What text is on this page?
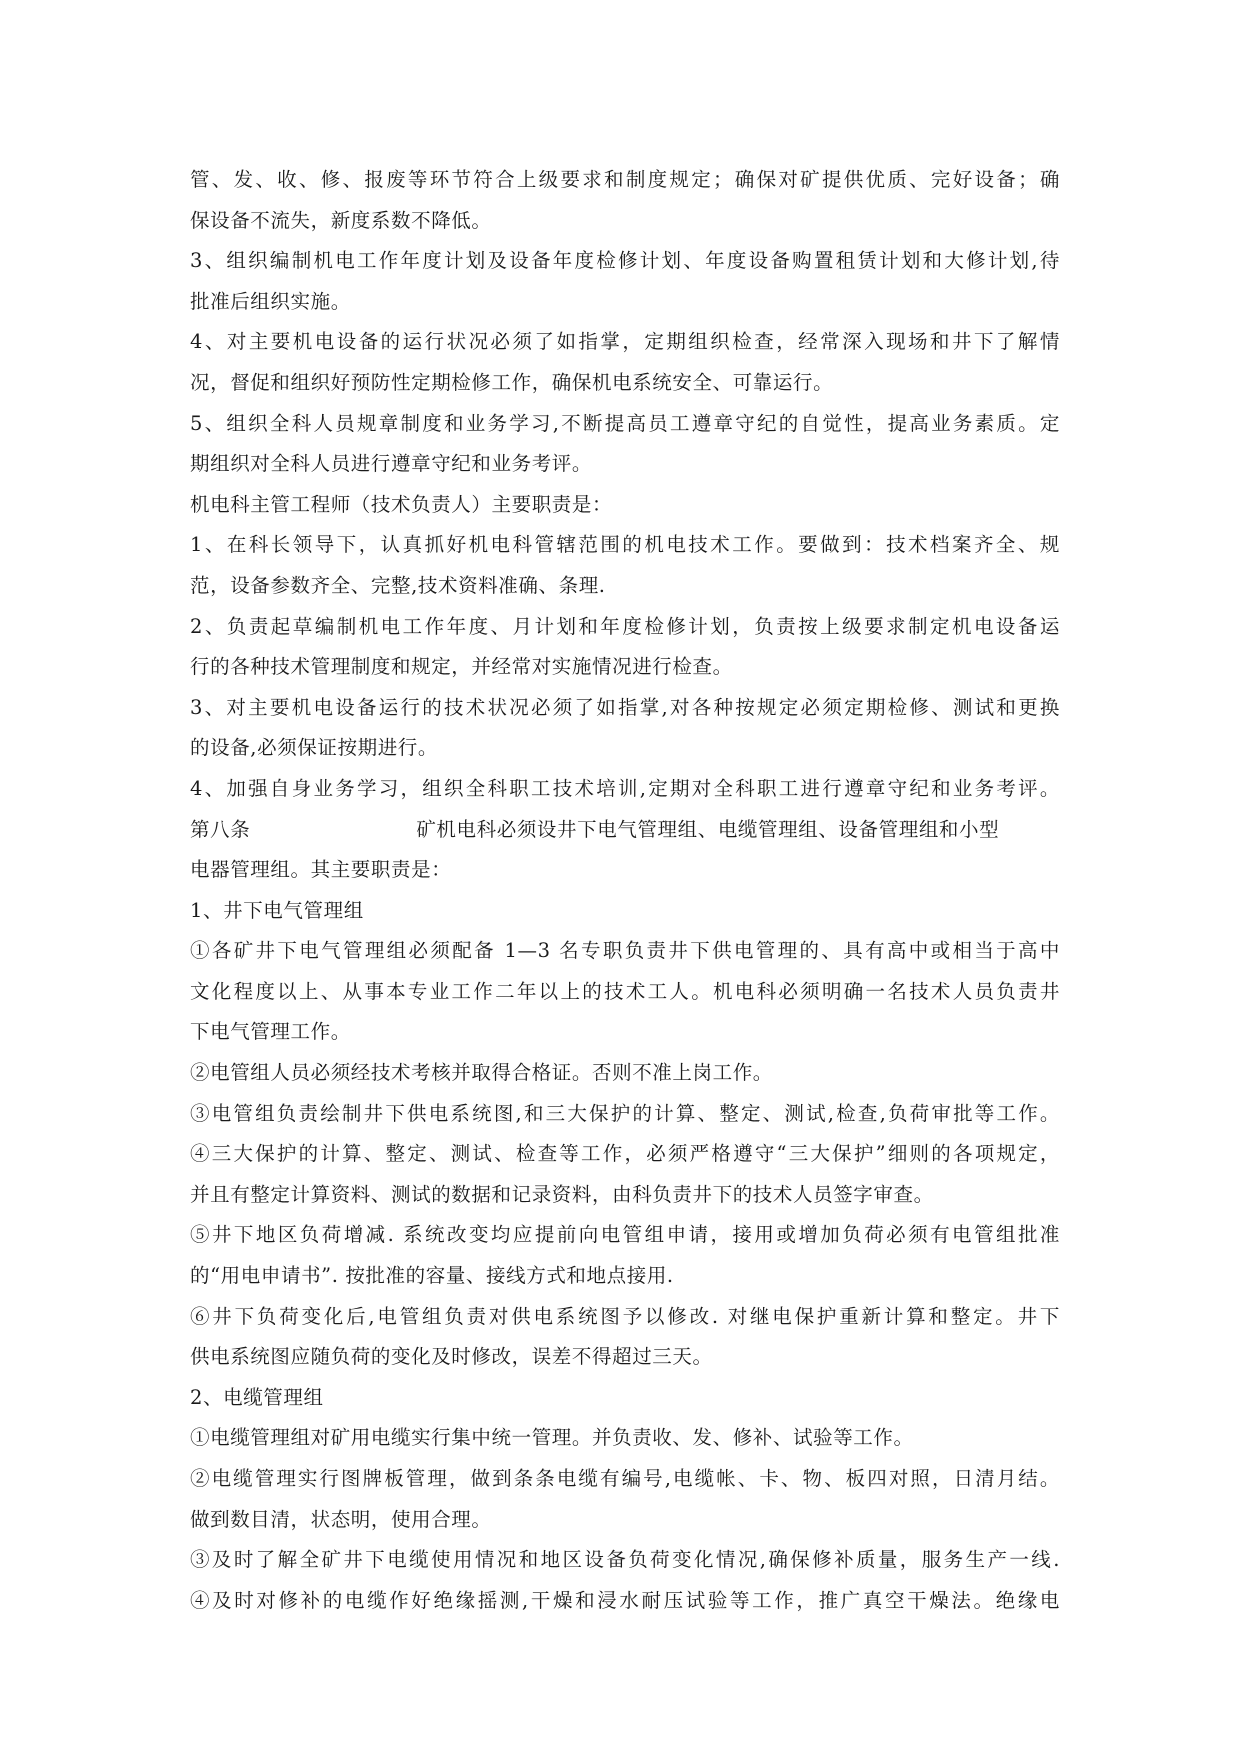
管、发、收、修、报废等环节符合上级要求和制度规定；确保对矿提供优质、完好设备；确
保设备不流失，新度系数不降低。
3、组织编制机电工作年度计划及设备年度检修计划、年度设备购置租赁计划和大修计划,待
批准后组织实施。
4、对主要机电设备的运行状况必须了如指掌，定期组织检查，经常深入现场和井下了解情
况，督促和组织好预防性定期检修工作，确保机电系统安全、可靠运行。
5、组织全科人员规章制度和业务学习,不断提高员工遵章守纪的自觉性，提高业务素质。定
期组织对全科人员进行遵章守纪和业务考评。
机电科主管工程师（技术负责人）主要职责是：
1、在科长领导下，认真抓好机电科管辖范围的机电技术工作。要做到：技术档案齐全、规
范，设备参数齐全、完整,技术资料准确、条理.
2、负责起草编制机电工作年度、月计划和年度检修计划，负责按上级要求制定机电设备运
行的各种技术管理制度和规定，并经常对实施情况进行检查。
3、对主要机电设备运行的技术状况必须了如指掌,对各种按规定必须定期检修、测试和更换
的设备,必须保证按期进行。
4、加强自身业务学习，组织全科职工技术培训,定期对全科职工进行遵章守纪和业务考评。
第八条	矿机电科必须设井下电气管理组、电缆管理组、设备管理组和小型
电器管理组。其主要职责是：
1、井下电气管理组
①各矿井下电气管理组必须配备 1—3 名专职负责井下供电管理的、具有高中或相当于高中
文化程度以上、从事本专业工作二年以上的技术工人。机电科必须明确一名技术人员负责井
下电气管理工作。
②电管组人员必须经技术考核并取得合格证。否则不准上岗工作。
③电管组负责绘制井下供电系统图,和三大保护的计算、整定、测试,检查,负荷审批等工作。
④三大保护的计算、整定、测试、检查等工作，必须严格遵守“三大保护”细则的各项规定，
并且有整定计算资料、测试的数据和记录资料，由科负责井下的技术人员签字审查。
⑤井下地区负荷增减. 系统改变均应提前向电管组申请，接用或增加负荷必须有电管组批准
的“用电申请书”. 按批准的容量、接线方式和地点接用.
⑥井下负荷变化后,电管组负责对供电系统图予以修改. 对继电保护重新计算和整定。井下
供电系统图应随负荷的变化及时修改，误差不得超过三天。
2、电缆管理组
①电缆管理组对矿用电缆实行集中统一管理。并负责收、发、修补、试验等工作。
②电缆管理实行图牌板管理，做到条条电缆有编号,电缆帐、卡、物、板四对照，日清月结。
做到数目清，状态明，使用合理。
③及时了解全矿井下电缆使用情况和地区设备负荷变化情况,确保修补质量，服务生产一线.
④及时对修补的电缆作好绝缘摇测,干燥和浸水耐压试验等工作，推广真空干燥法。绝缘电
